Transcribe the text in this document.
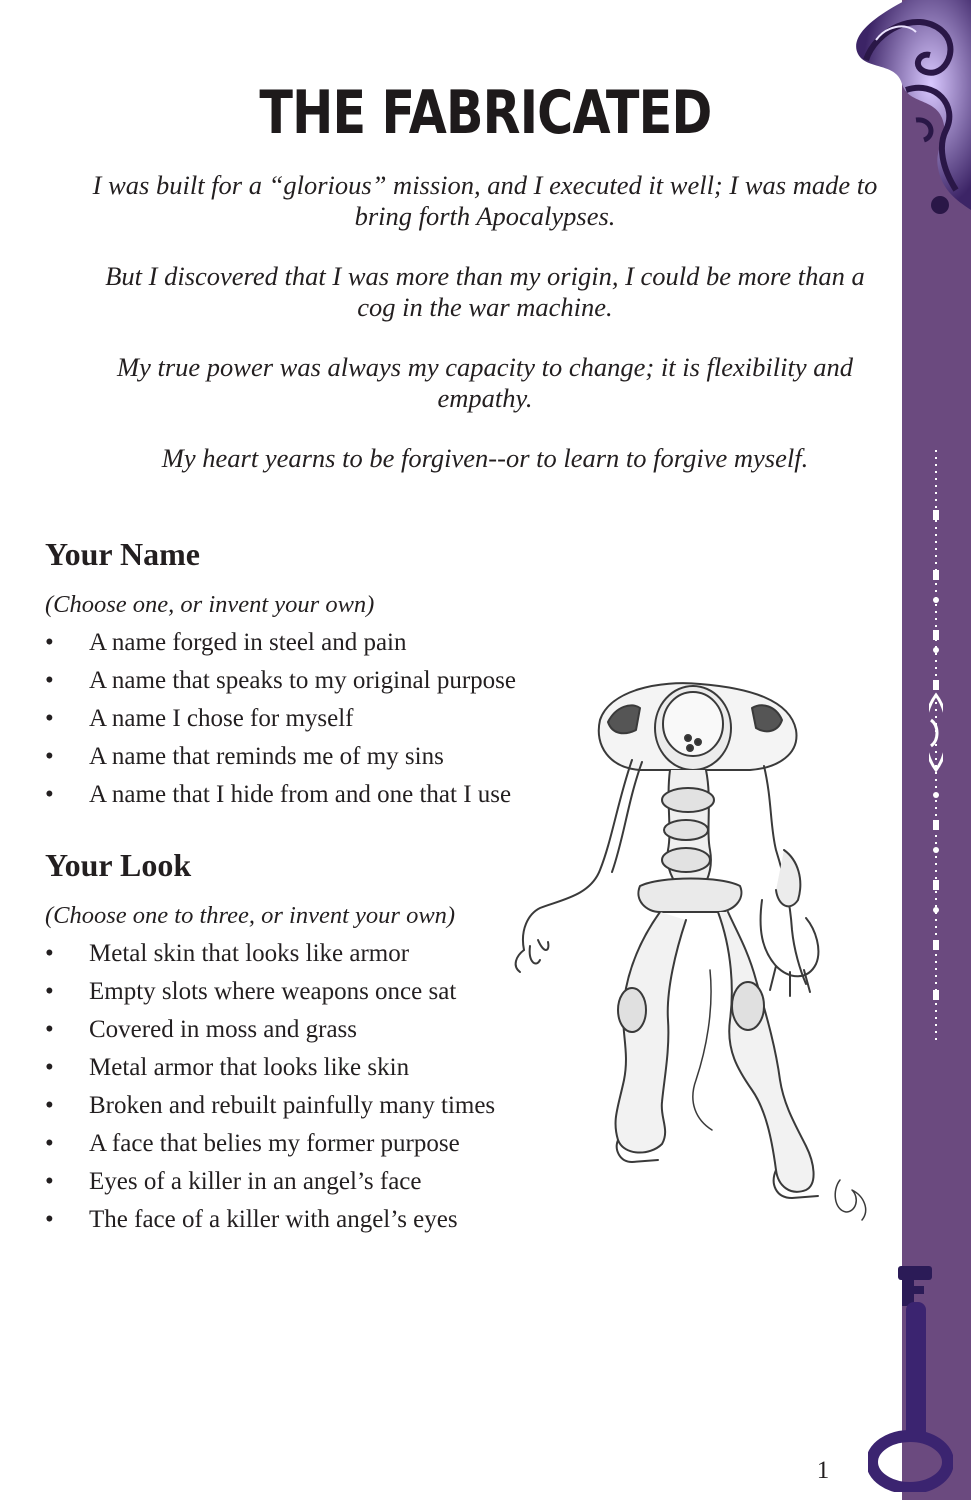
THE FABRICATED

I was built for a “glorious” mission, and I executed it well; I was made to bring forth Apocalypses.

But I discovered that I was more than my origin, I could be more than a cog in the war machine.

My true power was always my capacity to change; it is flexibility and empathy.

My heart yearns to be forgiven--or to learn to forgive myself.

Your Name
(Choose one, or invent your own)
•	A name forged in steel and pain
•	A name that speaks to my original purpose
•	A name I chose for myself
•	A name that reminds me of my sins
•	A name that I hide from and one that I use
Your Look
(Choose one to three, or invent your own)
•	Metal skin that looks like armor
•	Empty slots where weapons once sat
•	Covered in moss and grass
•	Metal armor that looks like skin
•	Broken and rebuilt painfully many times
•	A face that belies my former purpose
•	Eyes of a killer in an angel’s face
•	The face of a killer with angel’s eyes
1
